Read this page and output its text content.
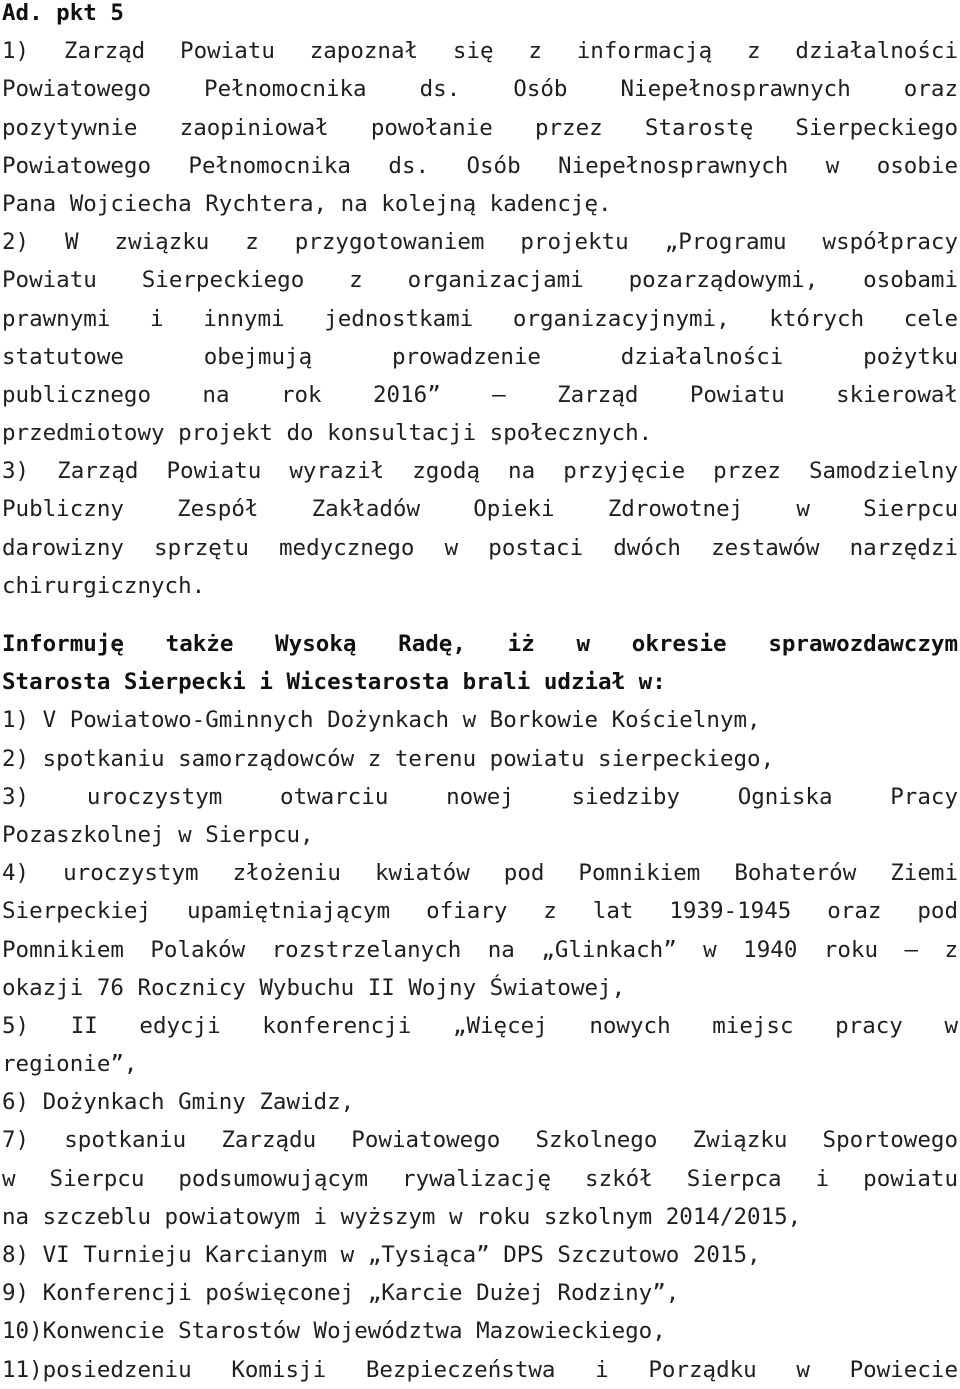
Ad. pkt 5
1) Zarząd Powiatu zapoznał się z informacją z działalności
Powiatowego Pełnomocnika ds. Osób Niepełnosprawnych oraz
pozytywnie zaopiniował powołanie przez Starostę Sierpeckiego
Powiatowego Pełnomocnika ds. Osób Niepełnosprawnych w osobie
Pana Wojciecha Rychtera, na kolejną kadencję.
2) W związku z przygotowaniem projektu „Programu współpracy
Powiatu Sierpeckiego z organizacjami pozarządowymi, osobami
prawnymi i innymi jednostkami organizacyjnymi, których cele
statutowe obejmują prowadzenie działalności pożytku
publicznego na rok 2016” – Zarząd Powiatu skierował
przedmiotowy projekt do konsultacji społecznych.
3) Zarząd Powiatu wyraził zgodą na przyjęcie przez Samodzielny
Publiczny Zespół Zakładów Opieki Zdrowotnej w Sierpcu
darowizny sprzętu medycznego w postaci dwóch zestawów narzędzi
chirurgicznych.
Informuję także Wysoką Radę, iż w okresie sprawozdawczym
Starosta Sierpecki i Wicestarosta brali udział w:
1) V Powiatowo-Gminnych Dożynkach w Borkowie Kościelnym,
2) spotkaniu samorządowców z terenu powiatu sierpeckiego,
3) uroczystym otwarciu nowej siedziby Ogniska Pracy
Pozaszkolnej w Sierpcu,
4) uroczystym złożeniu kwiatów pod Pomnikiem Bohaterów Ziemi
Sierpeckiej upamiętniającym ofiary z lat 1939-1945 oraz pod
Pomnikiem Polaków rozstrzelanych na „Glinkach” w 1940 roku – z
okazji 76 Rocznicy Wybuchu II Wojny Światowej,
5) II edycji konferencji „Więcej nowych miejsc pracy w
regionie”,
6) Dożynkach Gminy Zawidz,
7) spotkaniu Zarządu Powiatowego Szkolnego Związku Sportowego
w Sierpcu podsumowującym rywalizację szkół Sierpca i powiatu
na szczeblu powiatowym i wyższym w roku szkolnym 2014/2015,
8) VI Turnieju Karcianym w „Tysiąca” DPS Szczutowo 2015,
9) Konferencji poświęconej „Karcie Dużej Rodziny”,
10)Konwencie Starostów Województwa Mazowieckiego,
11)posiedzeniu Komisji Bezpieczeństwa i Porządku w Powiecie
